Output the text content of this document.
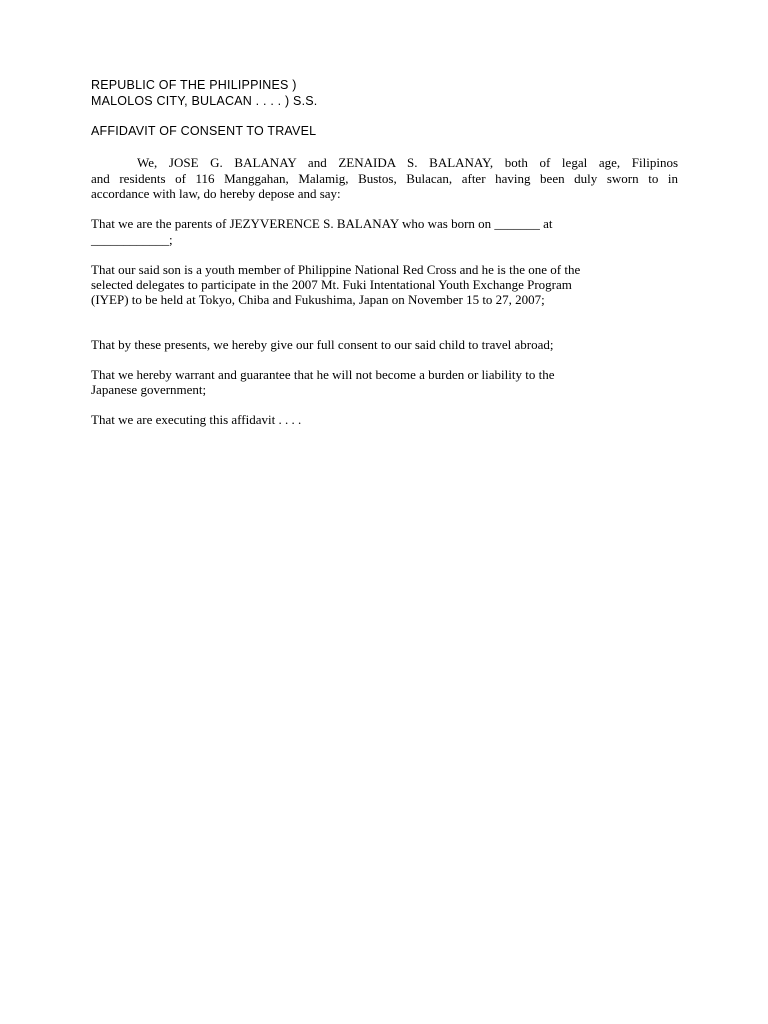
REPUBLIC OF THE PHILIPPINES )
MALOLOS CITY, BULACAN . . . . ) S.S.
AFFIDAVIT OF CONSENT TO TRAVEL
We, JOSE G. BALANAY and ZENAIDA S. BALANAY, both of legal age, Filipinos
and residents of 116 Manggahan, Malamig, Bustos, Bulacan, after having been duly sworn to in
accordance with law, do hereby depose and say:
That we are the parents of JEZYVERENCE S. BALANAY who was born on _______ at
____________;
That our said son is a youth member of Philippine National Red Cross and he is the one of the
selected delegates to participate in the 2007 Mt. Fuki Intentational Youth Exchange Program
(IYEP) to be held at Tokyo, Chiba and Fukushima, Japan on November 15 to 27, 2007;
That by these presents, we hereby give our full consent to our said child to travel abroad;
That we hereby warrant and guarantee that he will not become a burden or liability to the
Japanese government;
That we are executing this affidavit . . . .
